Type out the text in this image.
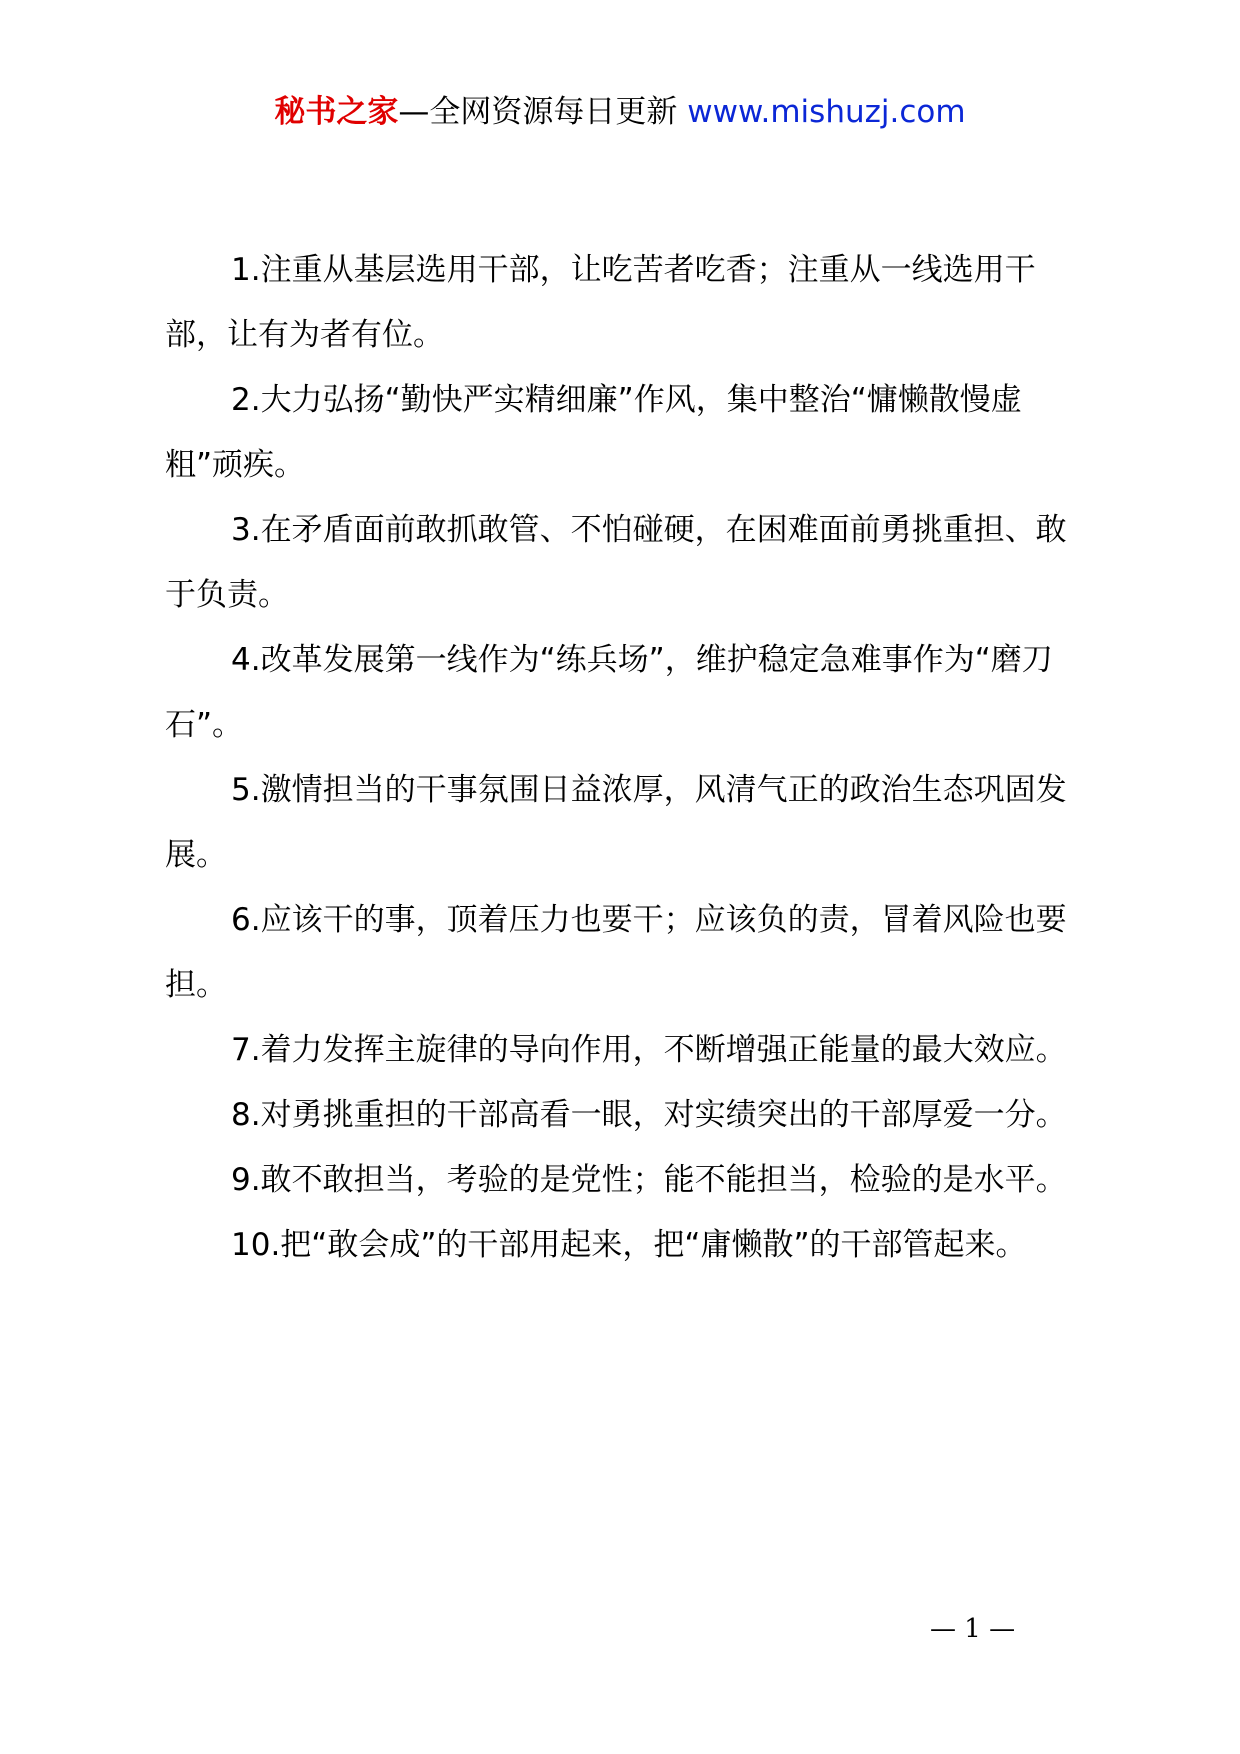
秘书之家—全网资源每日更新 www.mishuzj.com

1.注重从基层选用干部，让吃苦者吃香；注重从一线选用干部，让有为者有位。

2.大力弘扬“勤快严实精细廉”作风，集中整治“慵懒散慢虚粗”顽疾。

3.在矛盾面前敢抓敢管、不怕碰硬，在困难面前勇挑重担、敢于负责。

4.改革发展第一线作为“练兵场”，维护稳定急难事作为“磨刀石”。

5.激情担当的干事氛围日益浓厚，风清气正的政治生态巩固发展。

6.应该干的事，顶着压力也要干；应该负的责，冒着风险也要担。

7.着力发挥主旋律的导向作用，不断增强正能量的最大效应。

8.对勇挑重担的干部高看一眼，对实绩突出的干部厚爱一分。

9.敢不敢担当，考验的是党性；能不能担当，检验的是水平。

10.把“敢会成”的干部用起来，把“庸懒散”的干部管起来。

— 1 —
